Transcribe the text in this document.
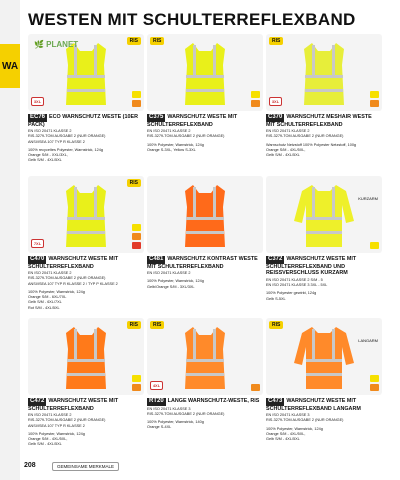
WA
WESTEN MIT SCHULTERREFLEXBAND
RIS
3XL
EC76 ECO WARNSCHUTZ WESTE (10ER PACK)
EN ISO 20471 KLASSE 2
RIS-3279-TOM AUSGABE 2 (NUR ORANGE)
ANSI/ISEA 107 TYP R KLASSE 2
100% recyceltes Polyester, Warnstrick, 124g
Orange S/M - XXL/3XL,
Gelb S/M - 4XL/5XL
RIS
C375 WARNSCHUTZ WESTE MIT SCHULTERREFLEXBAND
EN ISO 20471 KLASSE 2
RIS-3279-TOM AUSGABE 2 (NUR ORANGE)
100% Polyester, Warnstrick, 124g
Orange S-3XL, Yellow S-3XL
RIS
3XL
C370 WARNSCHUTZ MESHAIR WESTE MIT SCHULTERREFLEXBAND
EN ISO 20471 KLASSE 2
RIS-3279-TOM AUSGABE 2 (NUR ORANGE)
Warnschutz Netzstoff 100% Polyester Netzstoff, 100g
Orange S/M - 4XL/5XL,
Gelb S/M - 4XL/5XL
RIS
7XL
C470 WARNSCHUTZ WESTE MIT SCHULTERREFLEXBAND
EN ISO 20471 KLASSE 2
RIS-3279-TOM AUSGABE 2 (NUR ORANGE)
ANSI/ISEA 107 TYP R KLASSE 2 / TYP P KLASSE 2
100% Polyester, Warnstrick, 124g
Orange S/M - 6XL/7XL
Gelb S/M - 6XL/7XL
Rot S/M - 4XL/5XL
C481 WARNSCHUTZ KONTRAST WESTE MIT SCHULTERREFLEXBAND
EN ISO 20471 KLASSE 2
100% Polyester, Warnstrick, 124g
Gelb/Orange S/M - 3XL/3XL
KURZARM
C372 WARNSCHUTZ WESTE MIT SCHULTERREFLEXBAND UND REISSVERSCHLUSS KURZARM
EN ISO 20471 KLASSE 2 S/M - 5
EN ISO 20471 KLASSE 3 3XL - 5XL
100% Polyester gewirkt, 124g
Gelb S-5XL
RIS
C472 WARNSCHUTZ WESTE MIT SCHULTERREFLEXBAND
EN ISO 20471 KLASSE 2
RIS-3279-TOM AUSGABE 2 (NUR ORANGE)
ANSI/ISEA 107 TYP R KLASSE 2
100% Polyester, Warnstrick, 124g
Orange S/M - 4XL/5XL,
Gelb S/M - 4XL/5XL
RIS
4XL
RT20 LANGE WARNSCHUTZ-WESTE, RIS
EN ISO 20471 KLASSE 3
RIS-3279-TOM AUSGABE 2 (NUR ORANGE)
100% Polyester, Warnstrick, 140g
Orange S-4XL
RIS
LANGARM
C473 WARNSCHUTZ WESTE MIT SCHULTERREFLEXBAND LANGARM
EN ISO 20471 KLASSE 3
RIS-3279-TOM AUSGABE 2 (NUR ORANGE)
100% Polyester, Warnstrick, 124g
Orange S/M - 4XL/5XL,
Gelb S/M - 4XL/5XL
208	GEMEINSAME MERKMALE
🌿 PLANET
